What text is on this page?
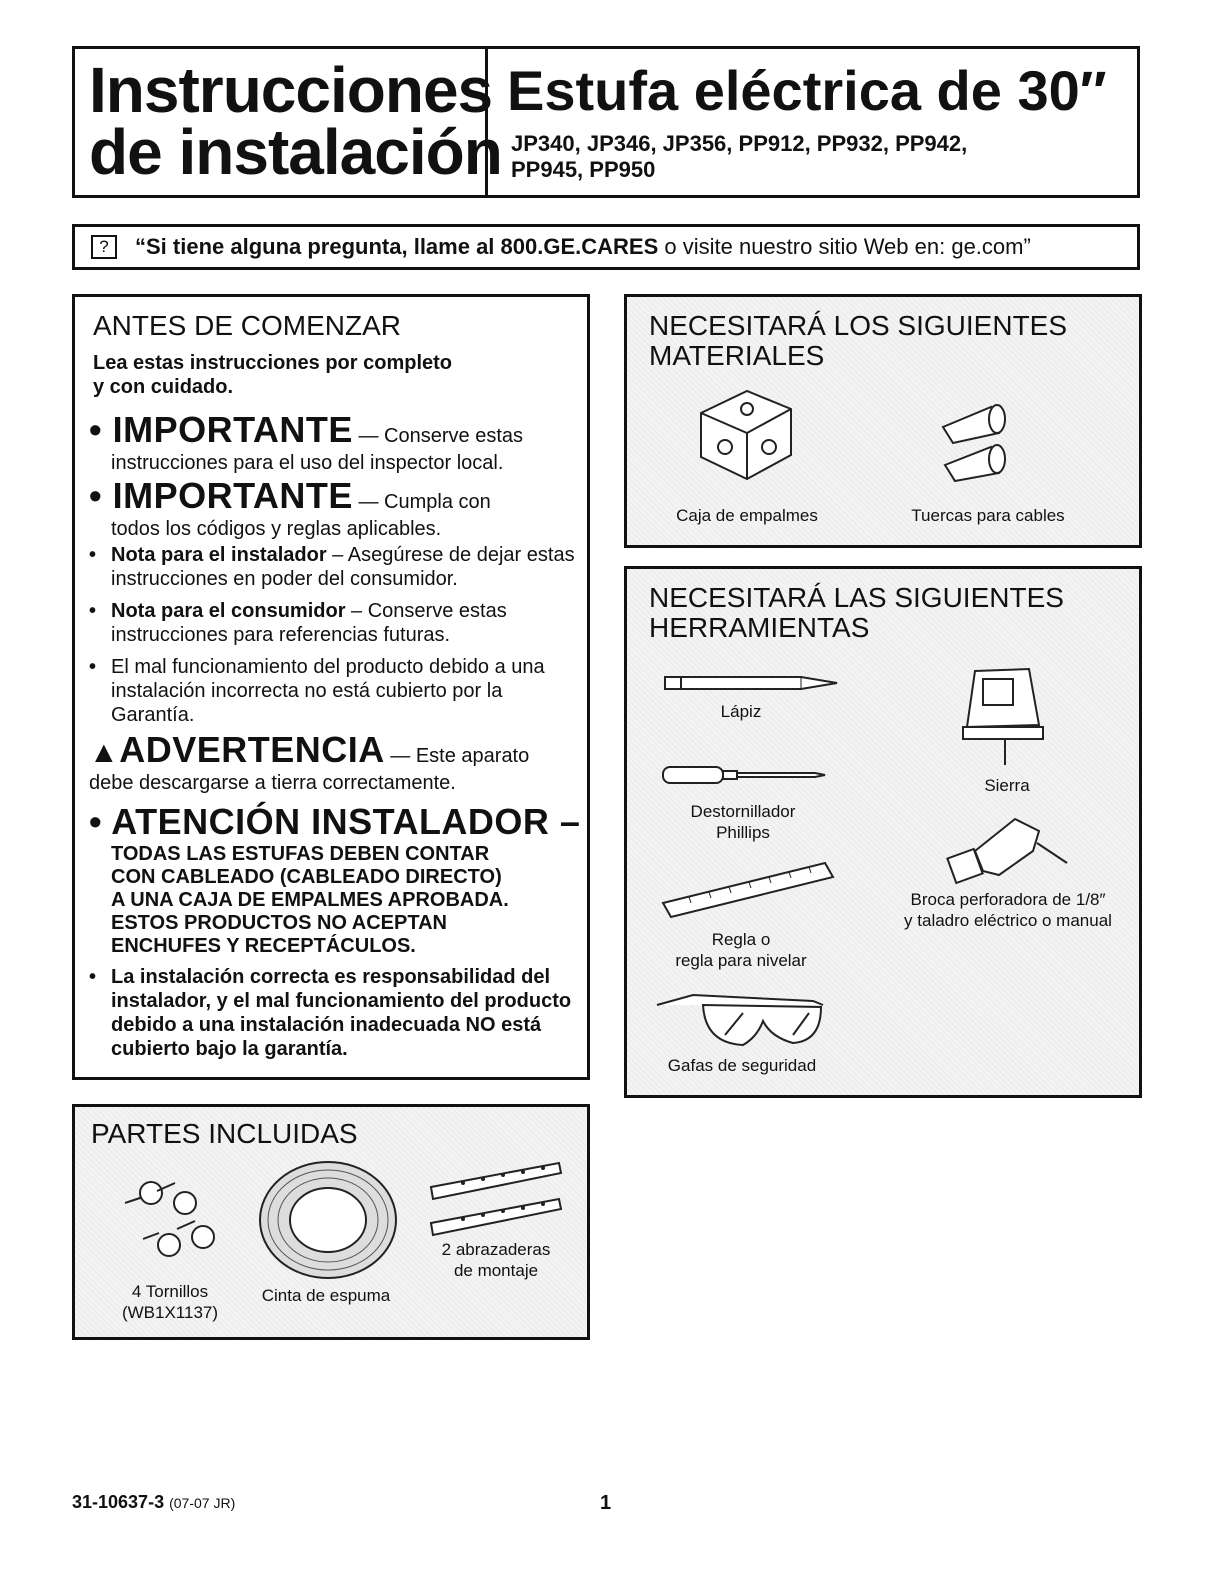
Instrucciones
de instalación
Estufa eléctrica de 30″
JP340, JP346, JP356, PP912, PP932, PP942,
PP945, PP950
?	“Si tiene alguna pregunta, llame al 800.GE.CARES o visite nuestro sitio Web en: ge.com”
ANTES DE COMENZAR
Lea estas instrucciones por completo
y con cuidado.
• IMPORTANTE — Conserve estas
instrucciones para el uso del inspector local.
• IMPORTANTE — Cumpla con
todos los códigos y reglas aplicables.
• Nota para el instalador – Asegúrese de dejar estas instrucciones en poder del consumidor.
• Nota para el consumidor – Conserve estas instrucciones para referencias futuras.
• El mal funcionamiento del producto debido a una instalación incorrecta no está cubierto por la Garantía.
▲ADVERTENCIA — Este aparato
debe descargarse a tierra correctamente.
• ATENCIÓN INSTALADOR –
TODAS LAS ESTUFAS DEBEN CONTAR
CON CABLEADO (CABLEADO DIRECTO)
A UNA CAJA DE EMPALMES APROBADA.
ESTOS PRODUCTOS NO ACEPTAN
ENCHUFES Y RECEPTÁCULOS.
• La instalación correcta es responsabilidad del instalador, y el mal funcionamiento del producto debido a una instalación inadecuada NO está cubierto bajo la garantía.
PARTES INCLUIDAS
4 Tornillos
(WB1X1137)
Cinta de espuma
2 abrazaderas
de montaje
NECESITARÁ LOS SIGUIENTES
MATERIALES
Caja de empalmes	Tuercas para cables
NECESITARÁ LAS SIGUIENTES
HERRAMIENTAS
Lápiz
Destornillador
Phillips
Regla o
regla para nivelar
Gafas de seguridad
Sierra
Broca perforadora de 1/8″
y taladro eléctrico o manual
31-10637-3 (07-07 JR)	1
